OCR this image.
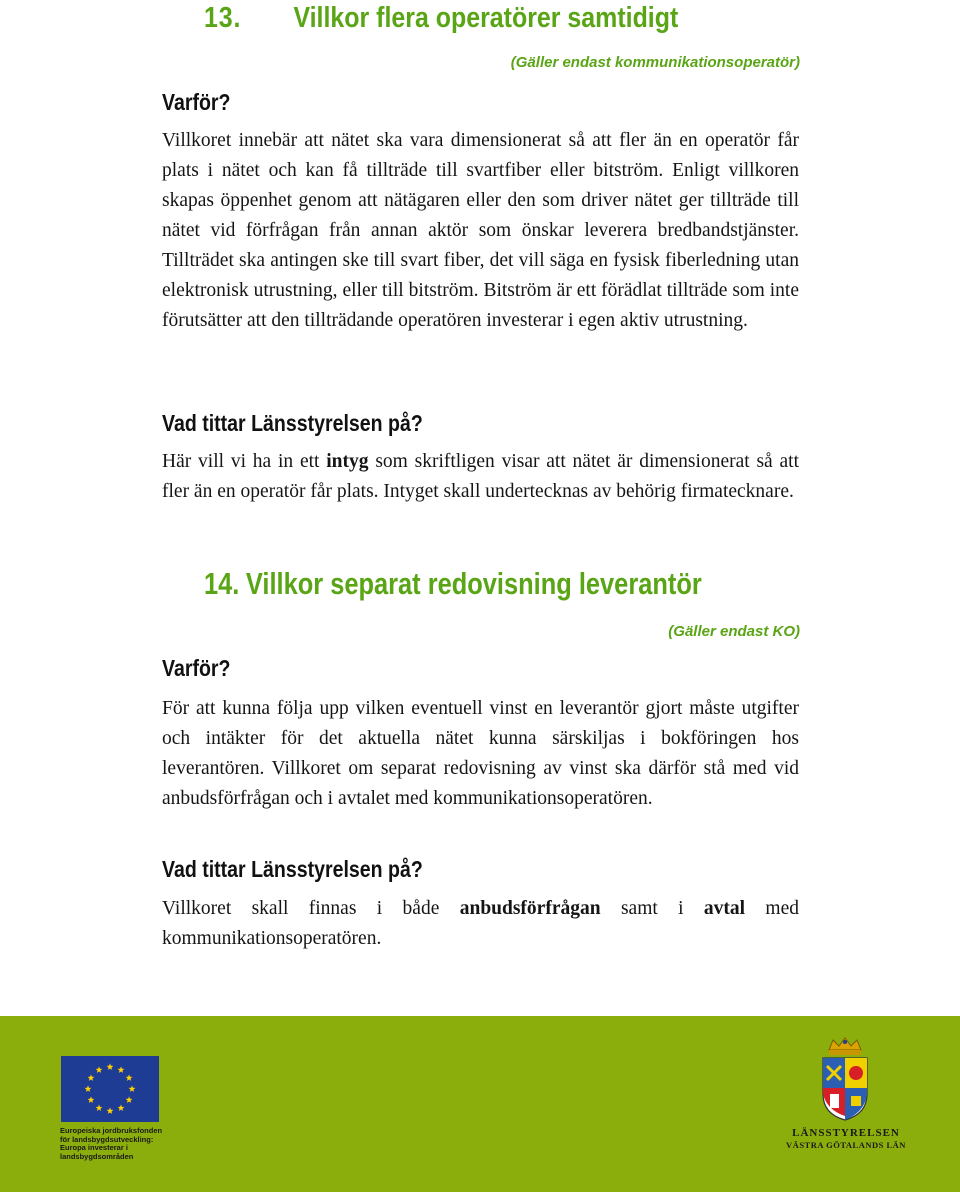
13. Villkor flera operatörer samtidigt
(Gäller endast kommunikationsoperatör)
Varför?

Villkoret innebär att nätet ska vara dimensionerat så att fler än en operatör får plats i nätet och kan få tillträde till svartfiber eller bitström. Enligt villkoren skapas öppenhet genom att nätägaren eller den som driver nätet ger tillträde till nätet vid förfrågan från annan aktör som önskar leverera bredbandstjänster. Tillträdet ska antingen ske till svart fiber, det vill säga en fysisk fiberledning utan elektronisk utrustning, eller till bitström. Bitström är ett förädlat tillträde som inte förutsätter att den tillträdande operatören investerar i egen aktiv utrustning.

Vad tittar Länsstyrelsen på?

Här vill vi ha in ett intyg som skriftligen visar att nätet är dimensionerat så att fler än en operatör får plats. Intyget skall undertecknas av behörig firmatecknare.

14. Villkor separat redovisning leverantör
(Gäller endast KO)
Varför?

För att kunna följa upp vilken eventuell vinst en leverantör gjort måste utgifter och intäkter för det aktuella nätet kunna särskiljas i bokföringen hos leverantören. Villkoret om separat redovisning av vinst ska därför stå med vid anbudsförfrågan och i avtalet med kommunikationsoperatören.

Vad tittar Länsstyrelsen på?

Villkoret skall finnas i både anbudsförfrågan samt i avtal med kommunikationsoperatören.

Europeiska jordbruksfonden för landsbygdsutveckling: Europa investerar i landsbygdsområden
LÄNSSTYRELSEN
VÄSTRA GÖTALANDS LÄN
